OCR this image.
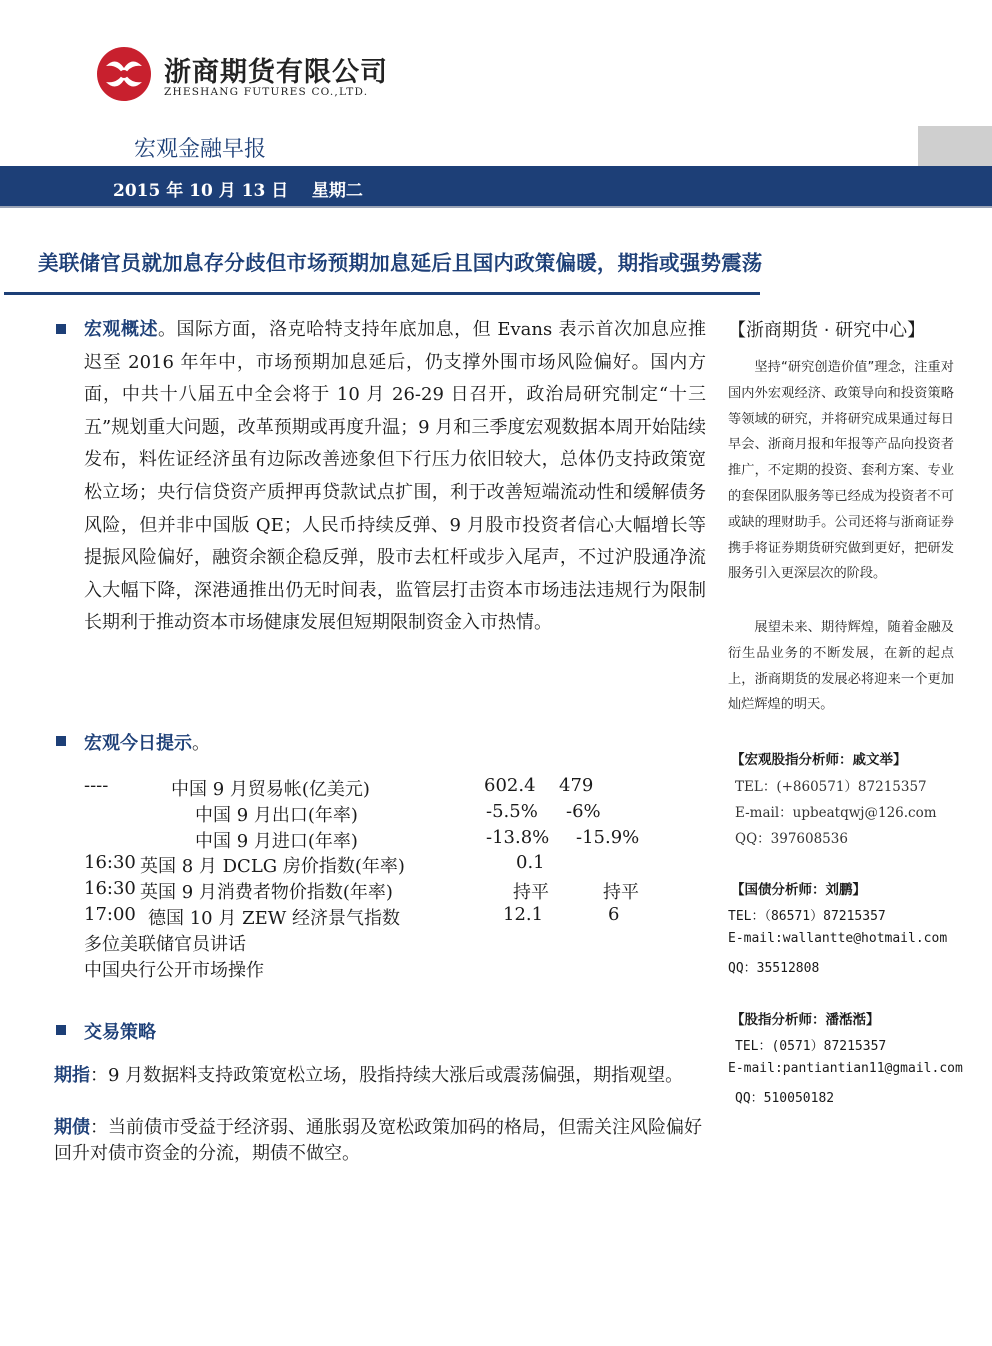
浙商期货有限公司
ZHESHANG FUTURES CO.,LTD.
宏观金融早报
2015 年 10 月 13 日    星期二
美联储官员就加息存分歧但市场预期加息延后且国内政策偏暖，期指或强势震荡
宏观概述。国际方面，洛克哈特支持年底加息，但 Evans 表示首次加息应推迟至 2016 年年中，市场预期加息延后，仍支撑外围市场风险偏好。国内方面，中共十八届五中全会将于 10 月 26-29 日召开，政治局研究制定“十三五”规划重大问题，改革预期或再度升温；9 月和三季度宏观数据本周开始陆续发布，料佐证经济虽有边际改善迹象但下行压力依旧较大，总体仍支持政策宽松立场；央行信贷资产质押再贷款试点扩围，利于改善短端流动性和缓解债务风险，但并非中国版 QE；人民币持续反弹、9 月股市投资者信心大幅增长等提振风险偏好，融资余额企稳反弹，股市去杠杆或步入尾声，不过沪股通净流入大幅下降，深港通推出仍无时间表，监管层打击资本市场违法违规行为限制长期利于推动资本市场健康发展但短期限制资金入市热情。
宏观今日提示。
----	中国 9 月贸易帐(亿美元)	602.4 479
中国 9 月出口(年率)	-5.5% -6%
中国 9 月进口(年率)	-13.8% -15.9%
16:30 英国 8 月 DCLG 房价指数(年率)	0.1
16:30 英国 9 月消费者物价指数(年率)	持平	持平
17:00 德国 10 月 ZEW 经济景气指数	12.1	6
多位美联储官员讲话
中国央行公开市场操作
交易策略
期指：9 月数据料支持政策宽松立场，股指持续大涨后或震荡偏强，期指观望。
期债：当前债市受益于经济弱、通胀弱及宽松政策加码的格局，但需关注风险偏好回升对债市资金的分流，期债不做空。
【浙商期货 · 研究中心】
坚持“研究创造价值”理念，注重对国内外宏观经济、政策导向和投资策略等领域的研究，并将研究成果通过每日早会、浙商月报和年报等产品向投资者推广，不定期的投资、套利方案、专业的套保团队服务等已经成为投资者不可或缺的理财助手。公司还将与浙商证券携手将证券期货研究做到更好，把研发服务引入更深层次的阶段。
展望未来、期待辉煌，随着金融及衍生品业务的不断发展，在新的起点上，浙商期货的发展必将迎来一个更加灿烂辉煌的明天。
【宏观股指分析师：戚文举】
TEL：(+860571）87215357
E-mail：upbeatqwj@126.com
QQ：397608536
【国债分析师：刘鹏】
TEL：（86571）87215357
E-mail:wallantte@hotmail.com
QQ：35512808
【股指分析师：潘湉湉】
TEL：(0571）87215357
E-mail:pantiantian11@gmail.com
QQ：510050182
